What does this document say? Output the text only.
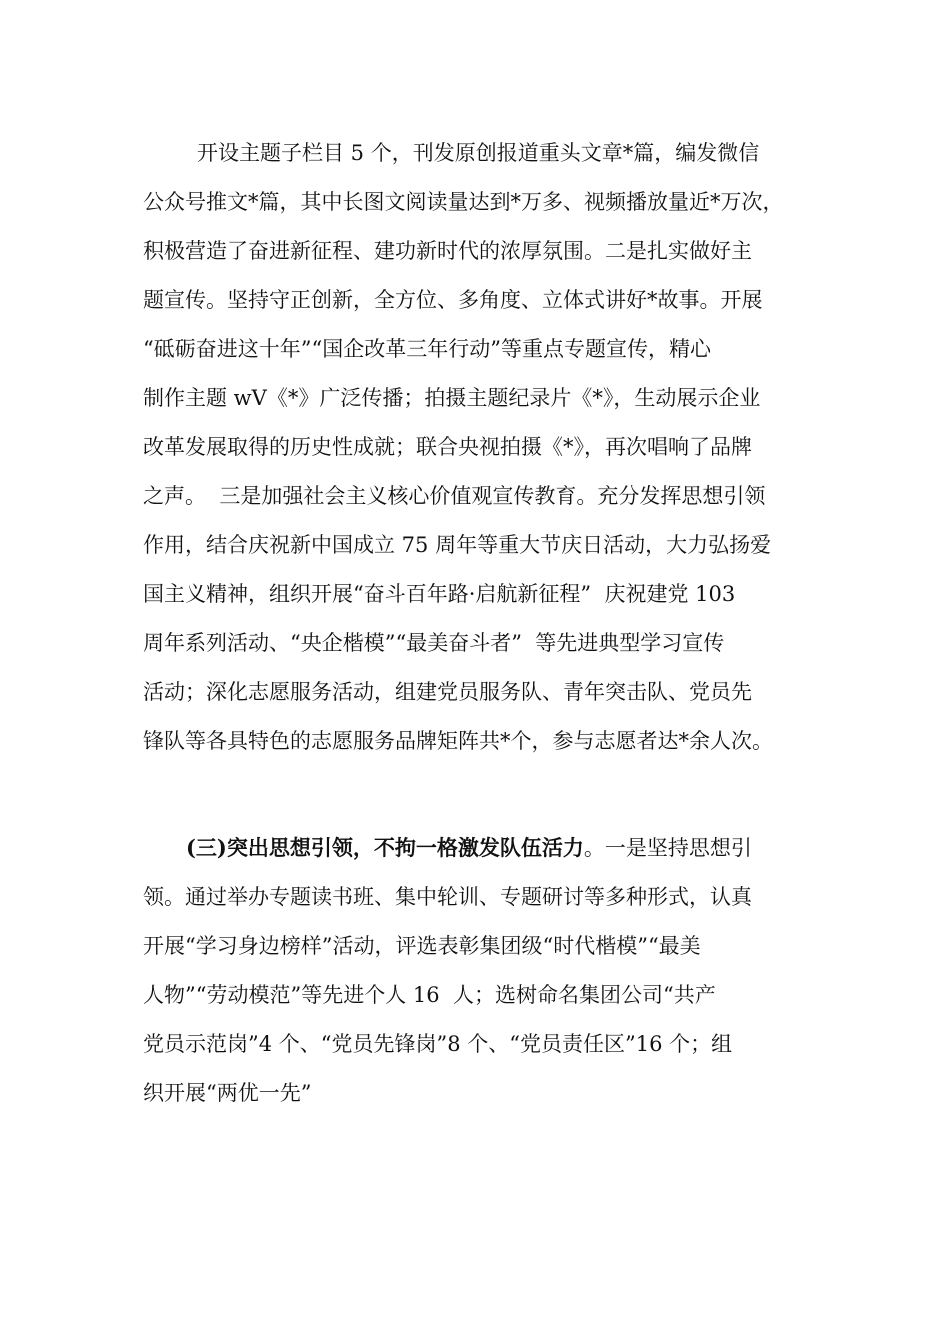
开设主题子栏目 5 个，刊发原创报道重头文章*篇，编发微信
公众号推文*篇，其中长图文阅读量达到*万多、视频播放量近*万次，
积极营造了奋进新征程、建功新时代的浓厚氛围。二是扎实做好主
题宣传。坚持守正创新，全方位、多角度、立体式讲好*故事。开展
“砥砺奋进这十年”“国企改革三年行动”等重点专题宣传，精心
制作主题 wV《*》广泛传播；拍摄主题纪录片《*》，生动展示企业
改革发展取得的历史性成就；联合央视拍摄《*》，再次唱响了品牌
之声。  三是加强社会主义核心价值观宣传教育。充分发挥思想引领
作用，结合庆祝新中国成立 75 周年等重大节庆日活动，大力弘扬爱
国主义精神，组织开展“奋斗百年路·启航新征程”  庆祝建党 103
周年系列活动、“央企楷模”“最美奋斗者”  等先进典型学习宣传
活动；深化志愿服务活动，组建党员服务队、青年突击队、党员先
锋队等各具特色的志愿服务品牌矩阵共*个，参与志愿者达*余人次。
(三)突出思想引领，不拘一格激发队伍活力。一是坚持思想引
领。通过举办专题读书班、集中轮训、专题研讨等多种形式，认真
开展“学习身边榜样”活动，评选表彰集团级“时代楷模”“最美
人物”“劳动模范”等先进个人 16  人；选树命名集团公司“共产
党员示范岗”4 个、“党员先锋岗”8 个、“党员责任区”16 个；组
织开展“两优一先”
